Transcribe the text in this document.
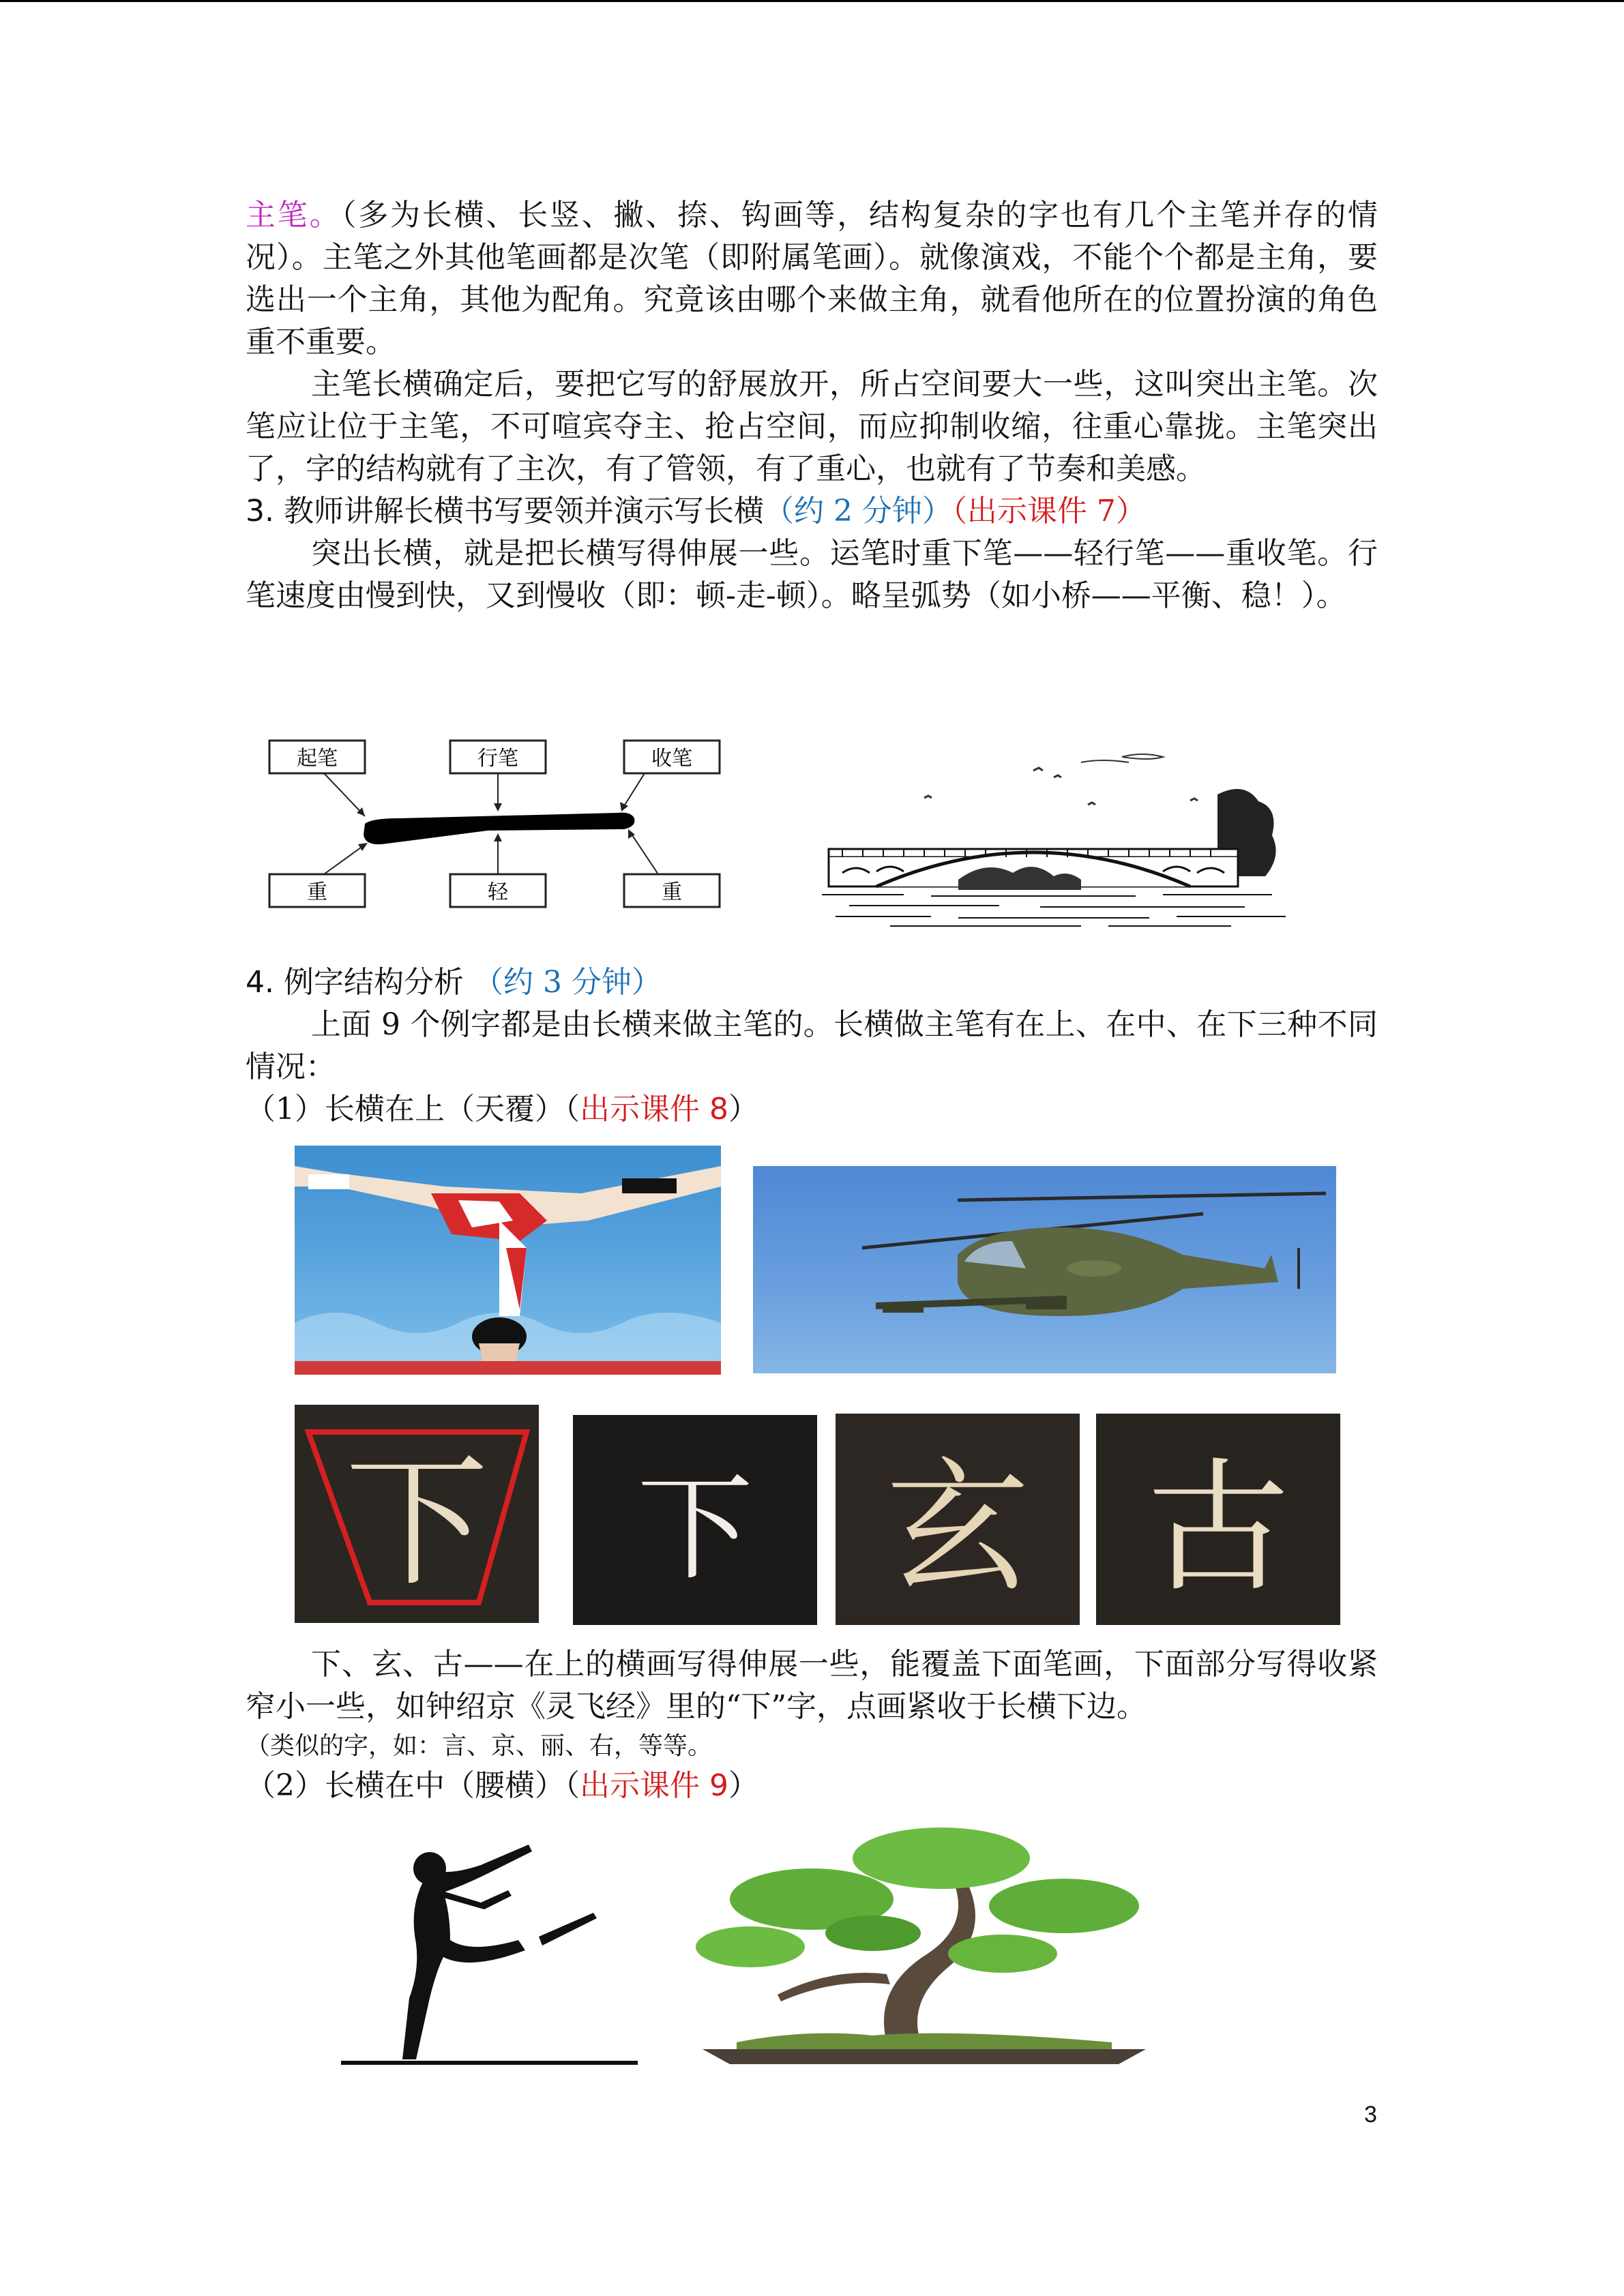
主笔。（多为长横、长竖、撇、捺、钩画等，结构复杂的字也有几个主笔并存的情况）。主笔之外其他笔画都是次笔（即附属笔画）。就像演戏，不能个个都是主角，要选出一个主角，其他为配角。究竟该由哪个来做主角，就看他所在的位置扮演的角色重不重要。

主笔长横确定后，要把它写的舒展放开，所占空间要大一些，这叫突出主笔。次笔应让位于主笔，不可喧宾夺主、抢占空间，而应抑制收缩，往重心靠拢。主笔突出了，字的结构就有了主次，有了管领，有了重心，也就有了节奏和美感。

3. 教师讲解长横书写要领并演示写长横（约 2 分钟）（出示课件 7）

突出长横，就是把长横写得伸展一些。运笔时重下笔——轻行笔——重收笔。行笔速度由慢到快，又到慢收（即：顿-走-顿）。略呈弧势（如小桥——平衡、稳！）。

起笔	行笔	收笔
重	轻	重

4. 例字结构分析 （约 3 分钟）

上面 9 个例字都是由长横来做主笔的。长横做主笔有在上、在中、在下三种不同情况：

（1）长横在上（天覆）（出示课件 8）

下 下 玄 古

下、玄、古——在上的横画写得伸展一些，能覆盖下面笔画，下面部分写得收紧窄小一些，如钟绍京《灵飞经》里的“下”字，点画紧收于长横下边。

（类似的字，如：言、京、丽、右，等等。

（2）长横在中（腰横）（出示课件 9）

3
